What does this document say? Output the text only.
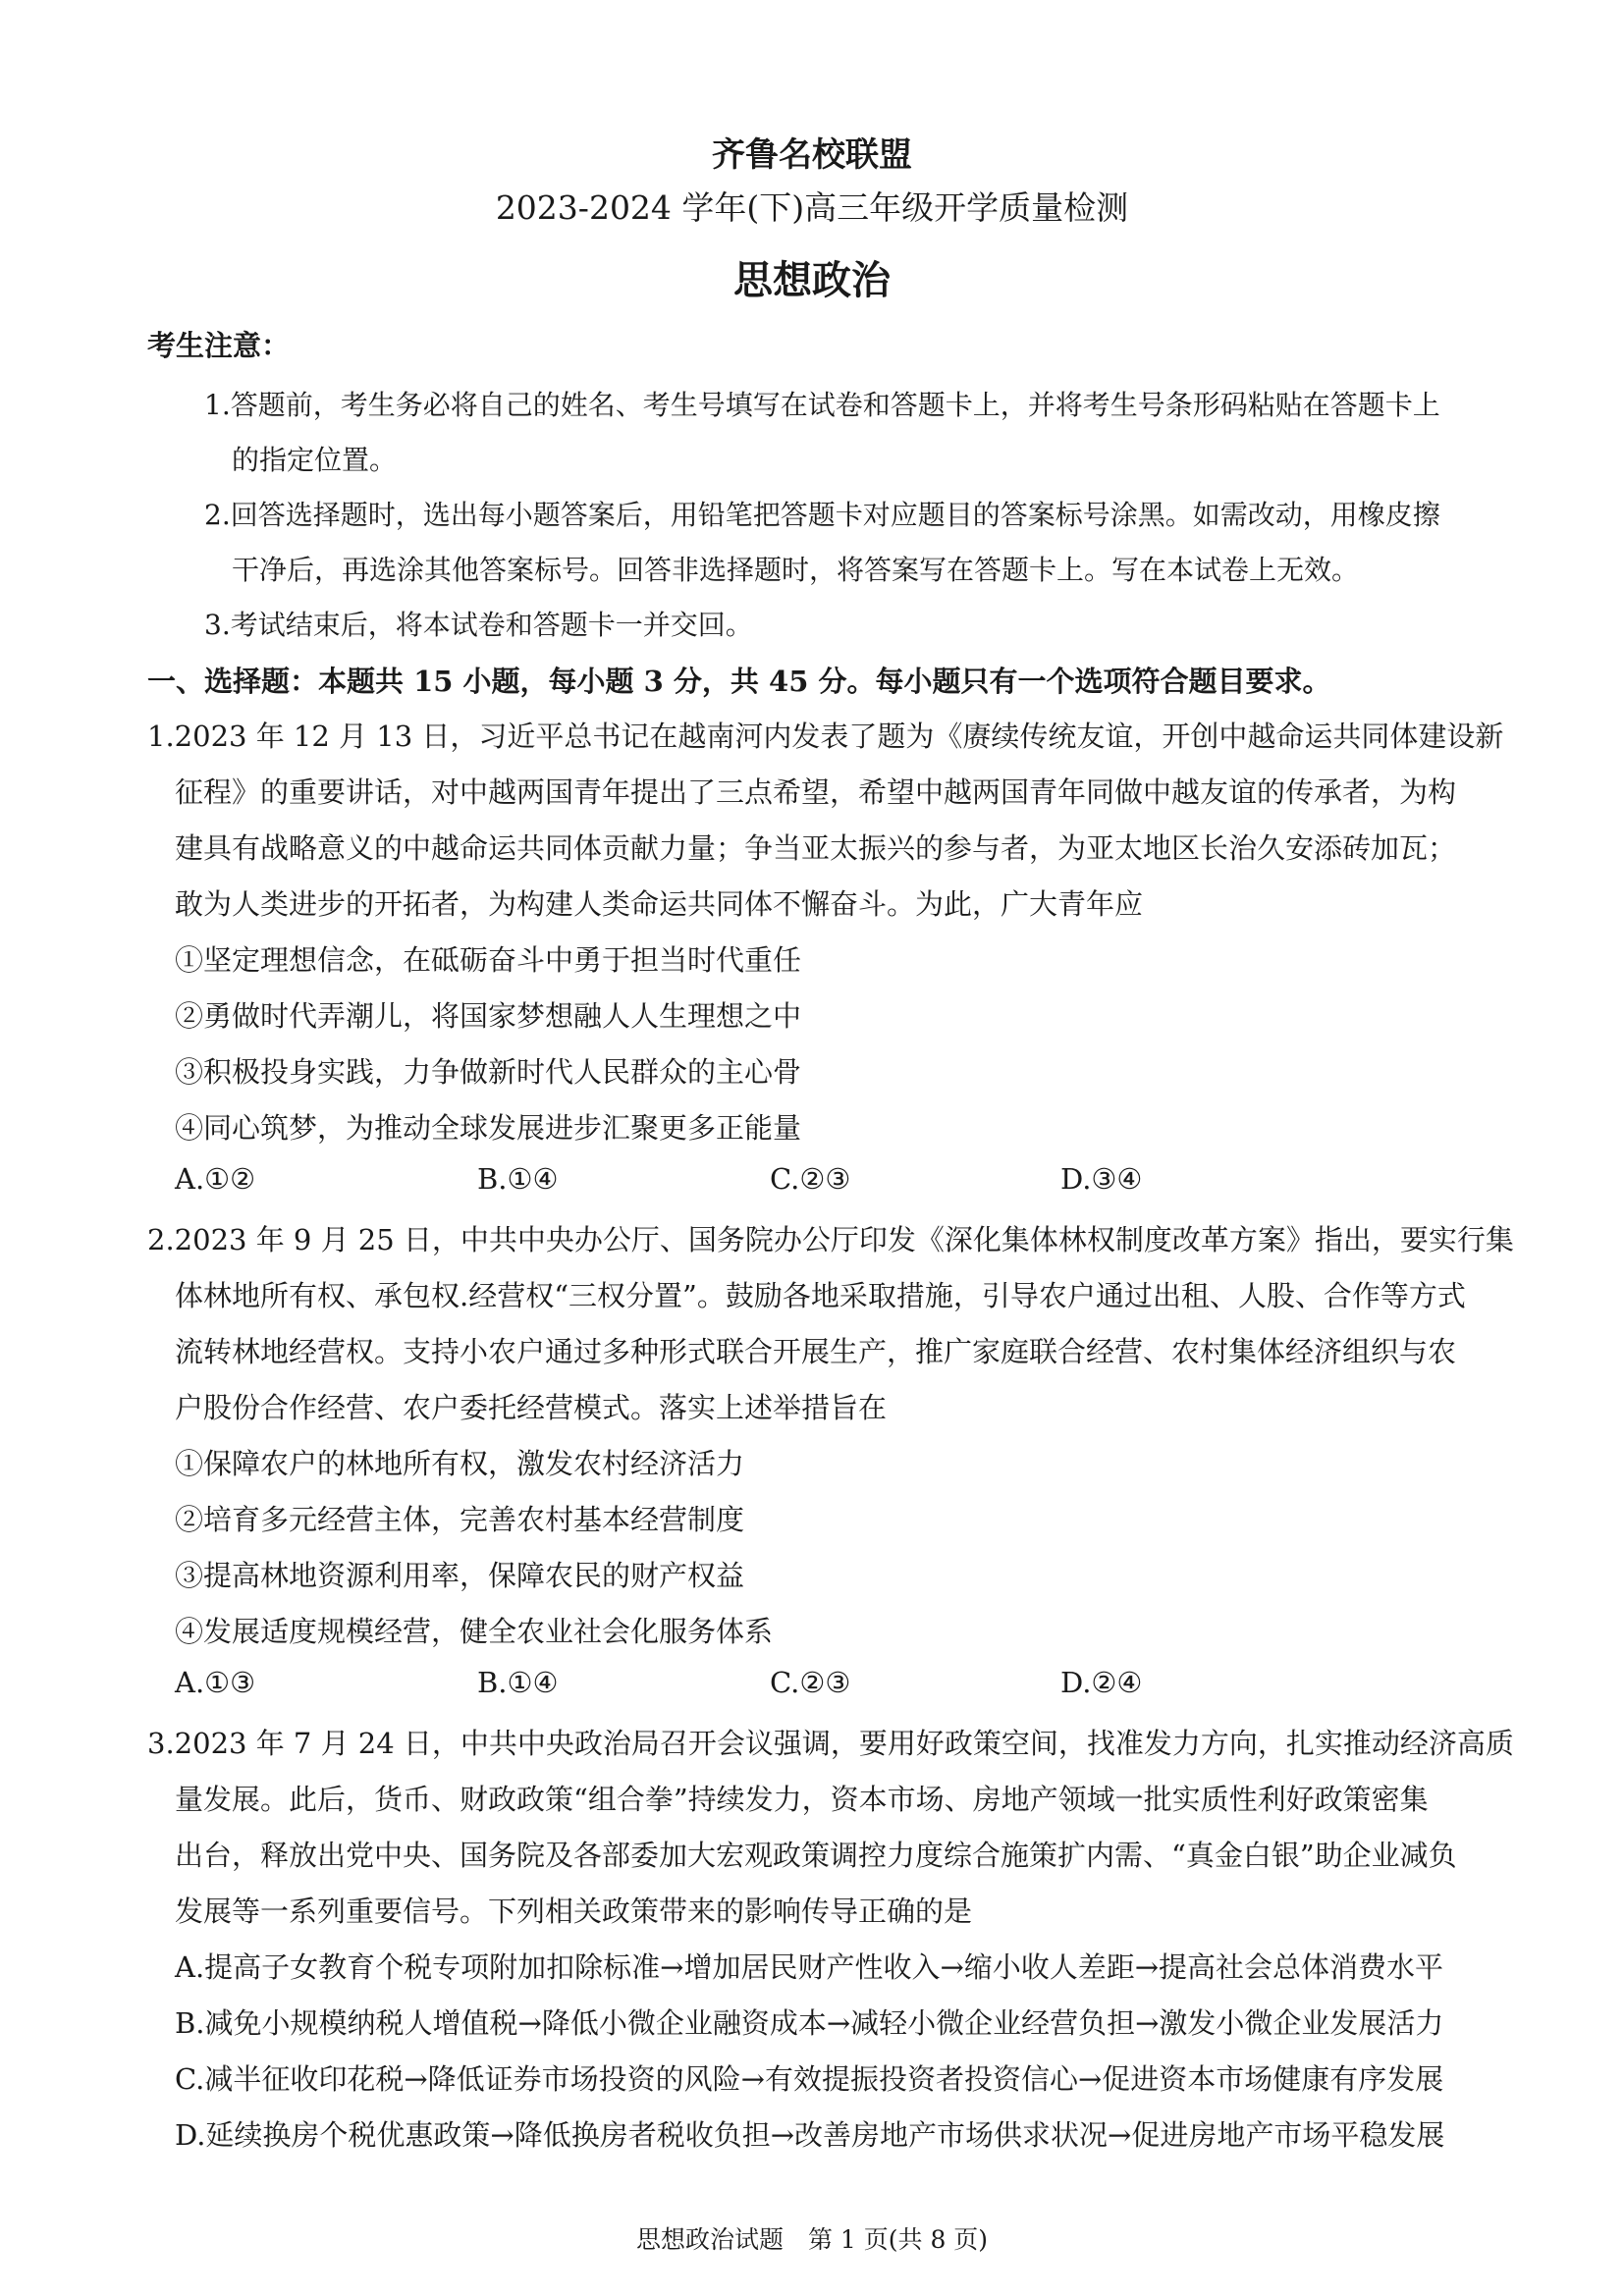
齐鲁名校联盟
2023-2024 学年(下)高三年级开学质量检测
思想政治
考生注意：
1.答题前，考生务必将自己的姓名、考生号填写在试卷和答题卡上，并将考生号条形码粘贴在答题卡上
的指定位置。
2.回答选择题时，选出每小题答案后，用铅笔把答题卡对应题目的答案标号涂黑。如需改动，用橡皮擦
干净后，再选涂其他答案标号。回答非选择题时，将答案写在答题卡上。写在本试卷上无效。
3.考试结束后，将本试卷和答题卡一并交回。
一、选择题：本题共 15 小题，每小题 3 分，共 45 分。每小题只有一个选项符合题目要求。
1.2023 年 12 月 13 日，习近平总书记在越南河内发表了题为《赓续传统友谊，开创中越命运共同体建设新
征程》的重要讲话，对中越两国青年提出了三点希望，希望中越两国青年同做中越友谊的传承者，为构
建具有战略意义的中越命运共同体贡献力量；争当亚太振兴的参与者，为亚太地区长治久安添砖加瓦；
敢为人类进步的开拓者，为构建人类命运共同体不懈奋斗。为此，广大青年应
①坚定理想信念，在砥砺奋斗中勇于担当时代重任
②勇做时代弄潮儿，将国家梦想融人人生理想之中
③积极投身实践，力争做新时代人民群众的主心骨
④同心筑梦，为推动全球发展进步汇聚更多正能量
A.①②	B.①④	C.②③	D.③④
2.2023 年 9 月 25 日，中共中央办公厅、国务院办公厅印发《深化集体林权制度改革方案》指出，要实行集
体林地所有权、承包权.经营权“三权分置”。鼓励各地采取措施，引导农户通过出租、人股、合作等方式
流转林地经营权。支持小农户通过多种形式联合开展生产，推广家庭联合经营、农村集体经济组织与农
户股份合作经营、农户委托经营模式。落实上述举措旨在
①保障农户的林地所有权，激发农村经济活力
②培育多元经营主体，完善农村基本经营制度
③提高林地资源利用率，保障农民的财产权益
④发展适度规模经营，健全农业社会化服务体系
A.①③	B.①④	C.②③	D.②④
3.2023 年 7 月 24 日，中共中央政治局召开会议强调，要用好政策空间，找准发力方向，扎实推动经济高质
量发展。此后，货币、财政政策“组合拳”持续发力，资本市场、房地产领域一批实质性利好政策密集
出台，释放出党中央、国务院及各部委加大宏观政策调控力度综合施策扩内需、“真金白银”助企业减负
发展等一系列重要信号。下列相关政策带来的影响传导正确的是
A.提高子女教育个税专项附加扣除标准→增加居民财产性收入→缩小收人差距→提高社会总体消费水平
B.减免小规模纳税人增值税→降低小微企业融资成本→减轻小微企业经营负担→激发小微企业发展活力
C.减半征收印花税→降低证券市场投资的风险→有效提振投资者投资信心→促进资本市场健康有序发展
D.延续换房个税优惠政策→降低换房者税收负担→改善房地产市场供求状况→促进房地产市场平稳发展
思想政治试题　第 1 页(共 8 页)
